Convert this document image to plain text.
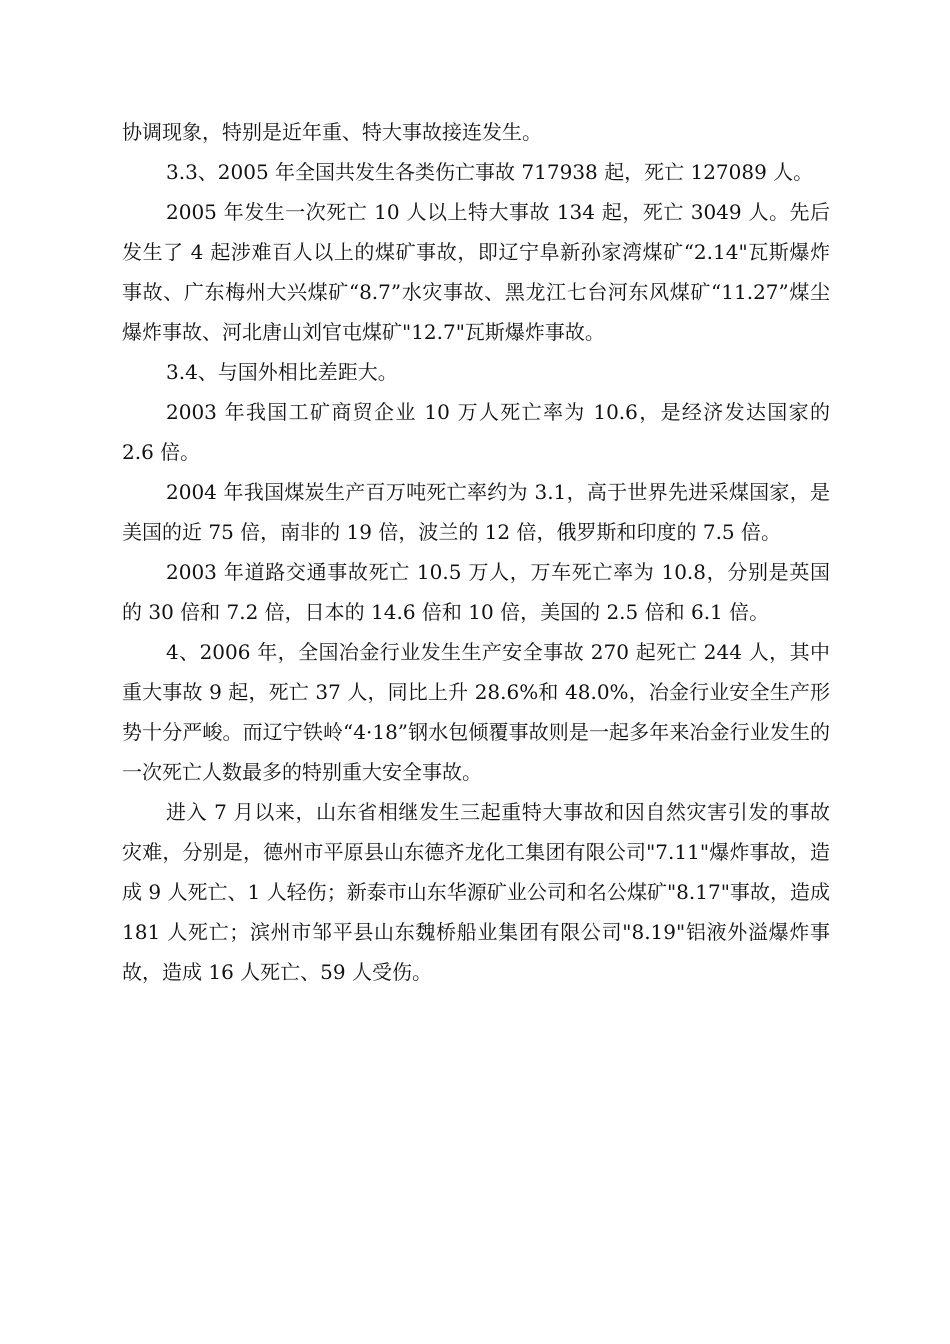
协调现象，特别是近年重、特大事故接连发生。

3.3、2005 年全国共发生各类伤亡事故 717938 起，死亡 127089 人。

2005 年发生一次死亡 10 人以上特大事故 134 起，死亡 3049 人。先后发生了 4 起涉难百人以上的煤矿事故，即辽宁阜新孙家湾煤矿“2.14"瓦斯爆炸事故、广东梅州大兴煤矿“8.7”水灾事故、黑龙江七台河东风煤矿“11.27”煤尘爆炸事故、河北唐山刘官屯煤矿"12.7"瓦斯爆炸事故。

3.4、与国外相比差距大。

2003 年我国工矿商贸企业 10 万人死亡率为 10.6，是经济发达国家的 2.6 倍。

2004 年我国煤炭生产百万吨死亡率约为 3.1，高于世界先进采煤国家，是美国的近 75 倍，南非的 19 倍，波兰的 12 倍，俄罗斯和印度的 7.5 倍。

2003 年道路交通事故死亡 10.5 万人，万车死亡率为 10.8，分别是英国的 30 倍和 7.2 倍，日本的 14.6 倍和 10 倍，美国的 2.5 倍和 6.1 倍。

4、2006 年，全国冶金行业发生生产安全事故 270 起死亡 244 人，其中重大事故 9 起，死亡 37 人，同比上升 28.6%和 48.0%，冶金行业安全生产形势十分严峻。而辽宁铁岭“4·18”钢水包倾覆事故则是一起多年来冶金行业发生的一次死亡人数最多的特别重大安全事故。

进入 7 月以来，山东省相继发生三起重特大事故和因自然灾害引发的事故灾难，分别是，德州市平原县山东德齐龙化工集团有限公司"7.11"爆炸事故，造成 9 人死亡、1 人轻伤；新泰市山东华源矿业公司和名公煤矿"8.17"事故，造成 181 人死亡；滨州市邹平县山东魏桥船业集团有限公司"8.19"铝液外溢爆炸事故，造成 16 人死亡、59 人受伤。
